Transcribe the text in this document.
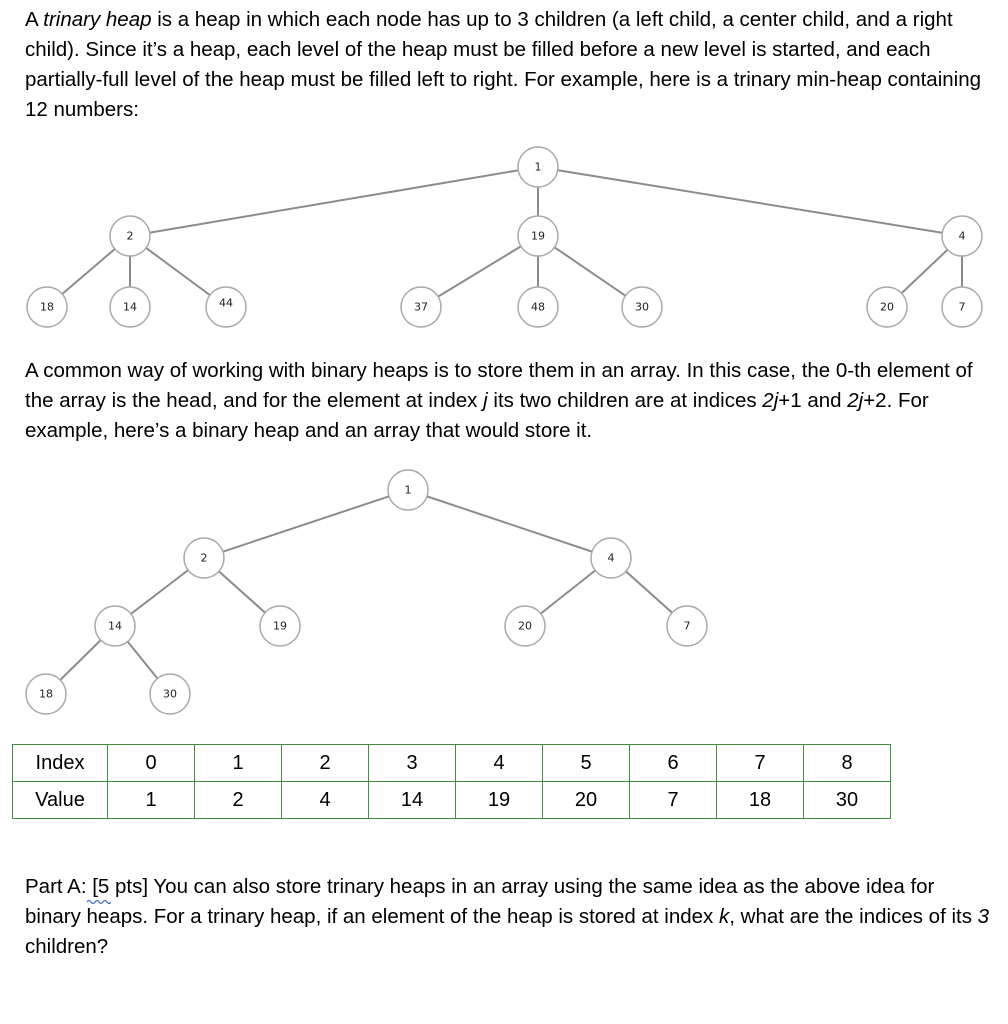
A trinary heap is a heap in which each node has up to 3 children (a left child, a center child, and a right child). Since it’s a heap, each level of the heap must be filled before a new level is started, and each partially-full level of the heap must be filled left to right. For example, here is a trinary min-heap containing 12 numbers:

1
2	19	4
18	14	44	37	48	30	20	7

A common way of working with binary heaps is to store them in an array. In this case, the 0-th element of the array is the head, and for the element at index j its two children are at indices 2j+1 and 2j+2. For example, here’s a binary heap and an array that would store it.

1
2	4
14	19	20	7
18	30
Index	0	1	2	3	4	5	6	7	8
Value	1	2	4	14	19	20	7	18	30

Part A:
[5 pts] You can also store trinary heaps in an array using the same idea as the above idea for binary heaps. For a trinary heap, if an element of the heap is stored at index k, what are the indices of its 3 children?
